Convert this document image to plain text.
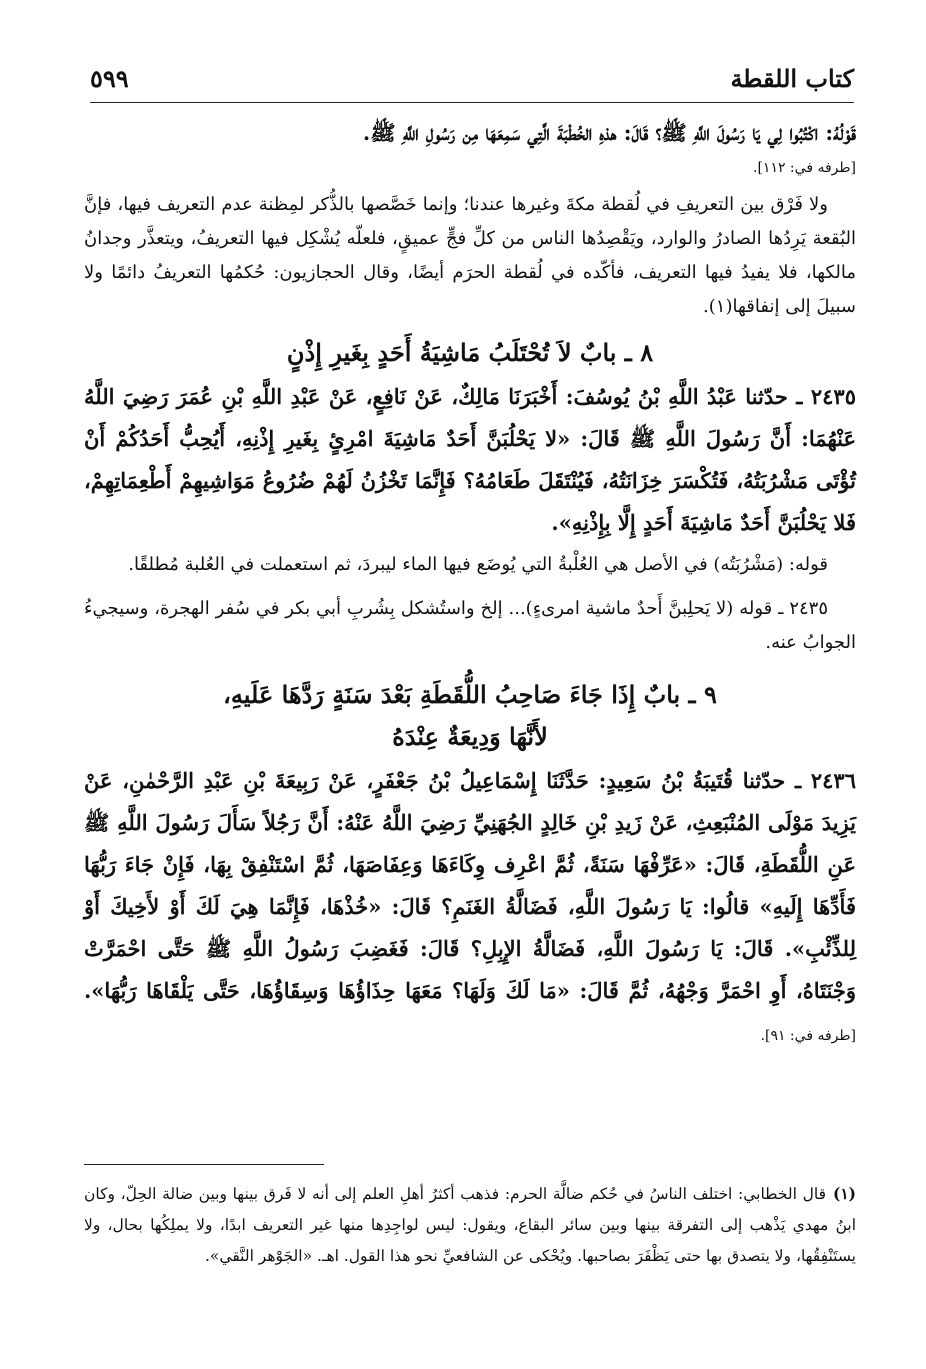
كتاب اللقطة
٥٩٩

قَوْلُهُ: اكْتُبُوا لِي يَا رَسُولَ اللَّهِ ﷺ؟ قَالَ: هذهِ الخُطْبَةَ الَّتِي سَمِعَهَا مِن رَسُولِ اللَّهِ ﷺ.

[طرفه في: ١١٢].

ولا فَرْق بين التعريفِ في لُقطة مكةَ وغيرها عندنا؛ وإنما خَصَّصها بالذُّكر لمِظنة عدم التعريف فيها، فإنَّ البُقعة يَرِدُها الصادرُ والوارد، ويَقْصِدُها الناس من كلِّ فجٍّ عميقٍ، فلعلّه يُشْكِل فيها التعريفُ، ويتعذَّر وجدانُ مالكها، فلا يفيدُ فيها التعريف، فأكّده في لُقطة الحرَم أيضًا، وقال الحجازيون: حُكمُها التعريفُ دائمًا ولا سبيلَ إلى إنفاقها(١).

٨ ـ بابٌ لاَ تُحْتَلَبُ مَاشِيَةُ أَحَدٍ بِغَيرِ إِذْنٍ

٢٤٣٥ ـ حدّثنا عَبْدُ اللَّهِ بْنُ يُوسُفَ: أَخْبَرَنَا مَالِكٌ، عَنْ نَافِعٍ، عَنْ عَبْدِ اللَّهِ بْنِ عُمَرَ رَضِيَ اللَّهُ عَنْهُمَا: أَنَّ رَسُولَ اللَّهِ ﷺ قَالَ: «لا يَحْلُبَنَّ أَحَدٌ مَاشِيَةَ امْرِئٍ بِغَيرِ إِذْنِهِ، أَيُحِبُّ أَحَدُكُمْ أَنْ تُؤْتَى مَشْرُبَتُهُ، فَتُكْسَرَ خِزَانَتُهُ، فَيُنْتَقَلَ طَعَامُهُ؟ فَإِنَّمَا تَخْزُنُ لَهُمْ ضُرُوعُ مَوَاشِيهِمْ أَطْعِمَاتِهِمْ، فَلا يَحْلُبَنَّ أَحَدٌ مَاشِيَةَ أَحَدٍ إِلَّا بِإِذْنِهِ».

قوله: (مَشْرُبَتُه) في الأصل هي العُلْبةُ التي يُوضَع فيها الماء ليبردَ، ثم استعملت في العُلبة مُطلقًا.

٢٤٣٥ ـ قوله (لا يَحلِبنَّ أَحدٌ ماشية امرىءٍ)... إلخ واستُشكل بِشُربِ أبي بكر في سُفر الهجرة، وسيجيءُ الجوابُ عنه.

٩ ـ بابٌ إِذَا جَاءَ صَاحِبُ اللُّقَطَةِ بَعْدَ سَنَةٍ رَدَّهَا عَلَيهِ،
لأَنَّهَا وَدِيعَةٌ عِنْدَهُ

٢٤٣٦ ـ حدّثنا قُتَيبَةُ بْنُ سَعِيدٍ: حَدَّثَنَا إِسْمَاعِيلُ بْنُ جَعْفَرٍ، عَنْ رَبِيعَةَ بْنِ عَبْدِ الرَّحْمٰنِ، عَنْ يَزِيدَ مَوْلَى المُنْبَعِثِ، عَنْ زَيدِ بْنِ خَالِدٍ الجُهَنِيِّ رَضِيَ اللَّهُ عَنْهُ: أَنَّ رَجُلاً سَأَلَ رَسُولَ اللَّهِ ﷺ عَنِ اللُّقَطَةِ، قَالَ: «عَرِّفْهَا سَنَةً، ثُمَّ اعْرِف وِكَاءَهَا وَعِفَاصَهَا، ثُمَّ اسْتَنْفِقْ بِهَا، فَإِنْ جَاءَ رَبُّهَا فَأَدِّهَا إِلَيهِ» قالُوا: يَا رَسُولَ اللَّهِ، فَضَالَّةُ الغَنَمِ؟ قَالَ: «خُذْهَا، فَإِنَّمَا هِيَ لَكَ أَوْ لأَخِيكَ أَوْ لِلذِّئْبِ». قَالَ: يَا رَسُولَ اللَّهِ، فَضَالَّةُ الإِبِلِ؟ قَالَ: فَغَضِبَ رَسُولُ اللَّهِ ﷺ حَتَّى احْمَرَّتْ وَجْنَتَاهُ، أَوِ احْمَرَّ وَجْهُهُ، ثُمَّ قَالَ: «مَا لَكَ وَلَهَا؟ مَعَهَا حِذَاؤُهَا وَسِقَاؤُهَا، حَتَّى يَلْقَاهَا رَبُّهَا». [طرفه في: ٩١].

(١)قال الخطابي: اختلف الناسُ في حُكم ضالَّة الحرم: فذهب أكثرُ أهلِ العلم إلى أنه لا فَرق بينها وبين ضالة الحِلّ، وكان ابنُ مهدي يَذْهب إلى التفرقة بينها وبين سائر البقاع، ويقول: ليس لواجِدِها منها غير التعريف ابدًا، ولا يملِكُها بحال، ولا يستَنْفِقُها، ولا يتصدق بها حتى يَظْفَرَ بصاحبها. ويُحْكى عن الشافعيِّ نحو هذا القول. اهـ. «الجَوْهر النَّقي».
